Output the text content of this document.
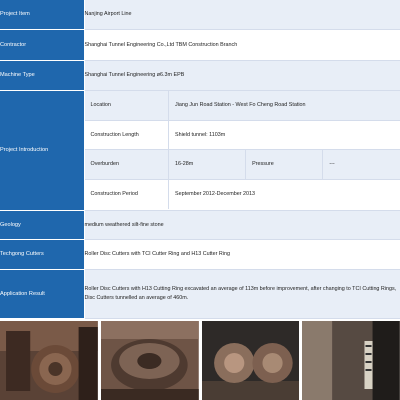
Project Item	Nanjing Airport Line
Contractor	Shanghai Tunnel Engineering Co.,Ltd TBM Construction Branch
Machine Type	Shanghai Tunnel Engineering ø6.3m EPB
Project Introduction	
Location	Jiang Jun Road Station - West Fo Cheng Road Station
Construction Length	Shield tunnel: 1103m
Overburden	16-28m	Pressure	---
Construction Period	September 2012-December 2013

Geology	medium weathered silt-fine stone
Techgong Cutters	Roller Disc Cutters with TCI Cutter Ring and H13 Cutter Ring
Application Result	Roller Disc Cutters with H13 Cutting Ring excavated an average of 113m before improvement, after changing to TCI Cutting Rings, Disc Cutters tunnelled an average of 460m.
